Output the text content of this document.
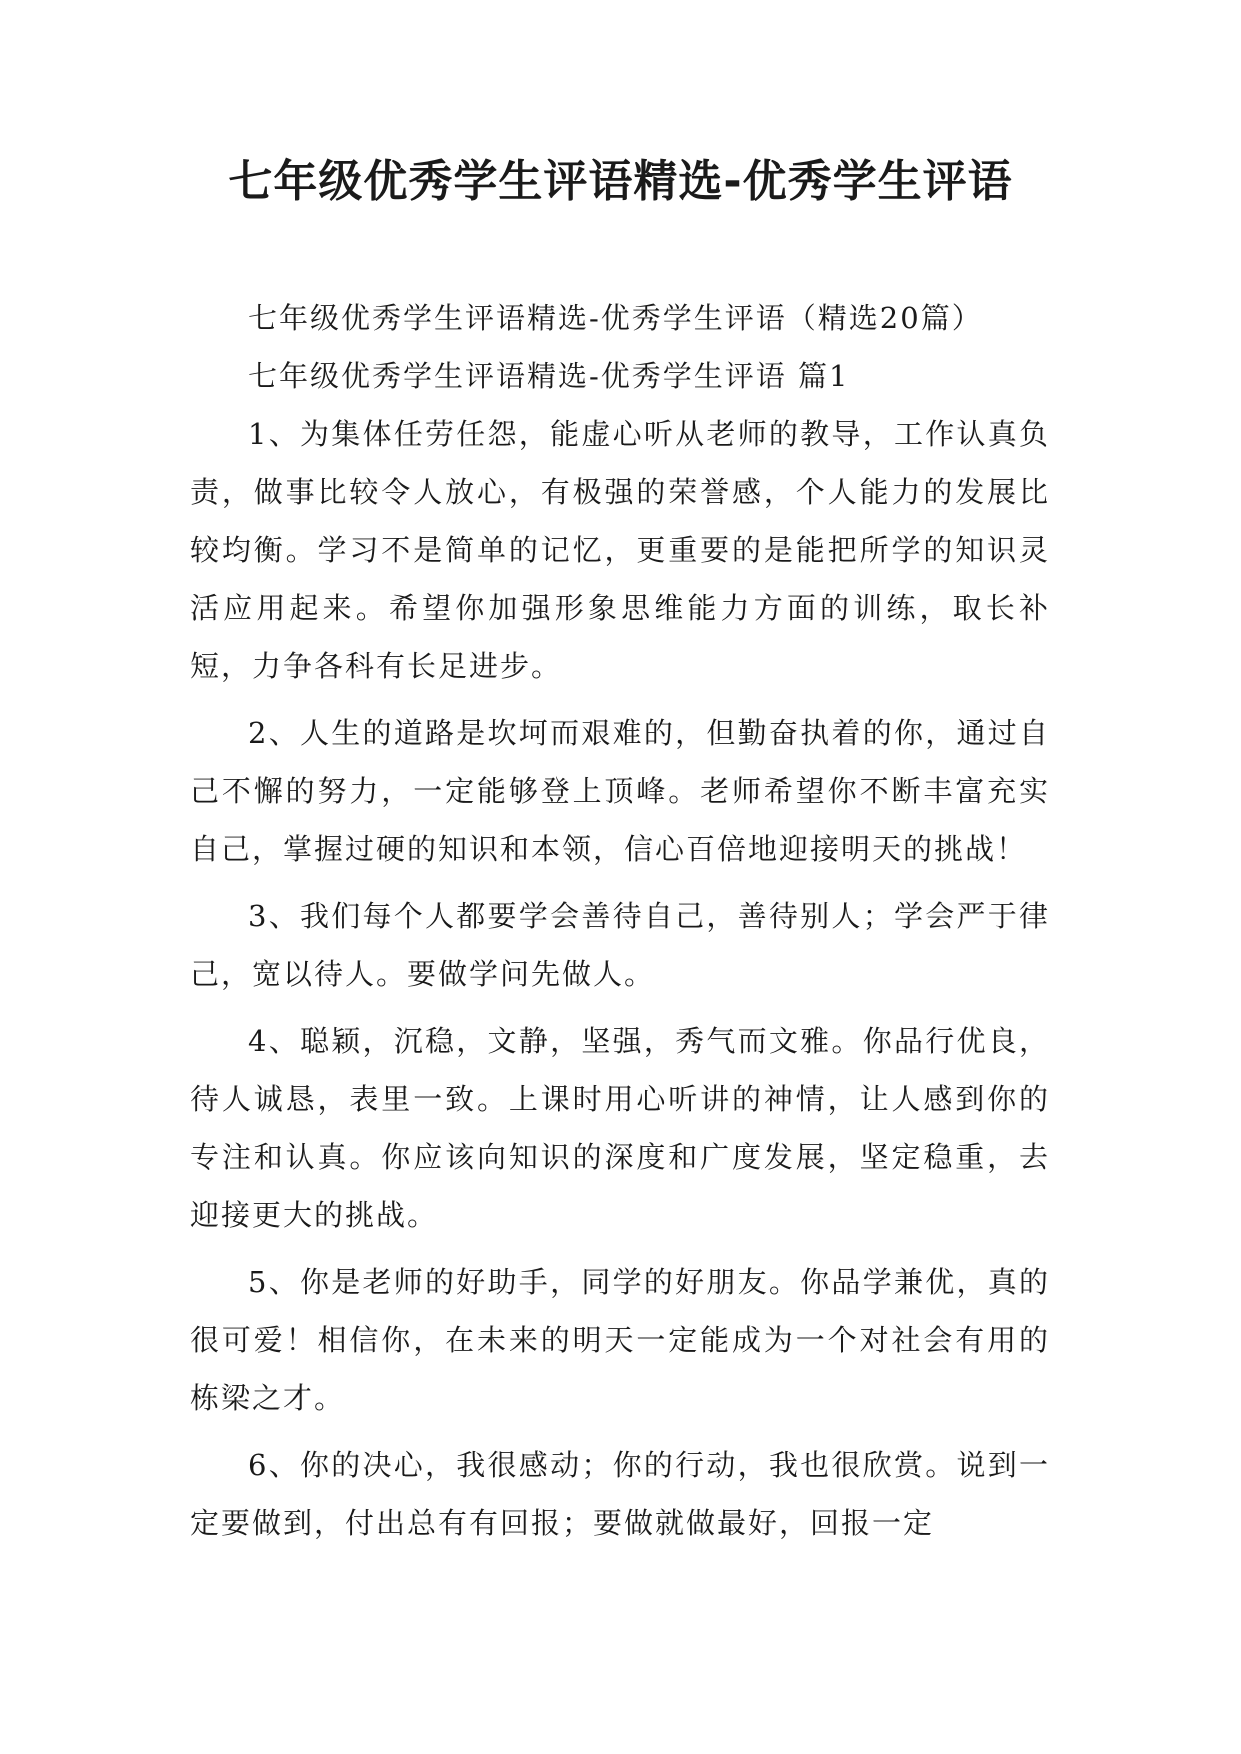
七年级优秀学生评语精选-优秀学生评语

七年级优秀学生评语精选-优秀学生评语（精选20篇）

七年级优秀学生评语精选-优秀学生评语 篇1

1、为集体任劳任怨，能虚心听从老师的教导，工作认真负责，做事比较令人放心，有极强的荣誉感，个人能力的发展比较均衡。学习不是简单的记忆，更重要的是能把所学的知识灵活应用起来。希望你加强形象思维能力方面的训练，取长补短，力争各科有长足进步。

2、人生的道路是坎坷而艰难的，但勤奋执着的你，通过自己不懈的努力，一定能够登上顶峰。老师希望你不断丰富充实自己，掌握过硬的知识和本领，信心百倍地迎接明天的挑战！

3、我们每个人都要学会善待自己，善待别人；学会严于律己，宽以待人。要做学问先做人。

4、聪颖，沉稳，文静，坚强，秀气而文雅。你品行优良，待人诚恳，表里一致。上课时用心听讲的神情，让人感到你的专注和认真。你应该向知识的深度和广度发展，坚定稳重，去迎接更大的挑战。

5、你是老师的好助手，同学的好朋友。你品学兼优，真的很可爱！相信你，在未来的明天一定能成为一个对社会有用的栋梁之才。

6、你的决心，我很感动；你的行动，我也很欣赏。说到一定要做到，付出总有有回报；要做就做最好，回报一定
